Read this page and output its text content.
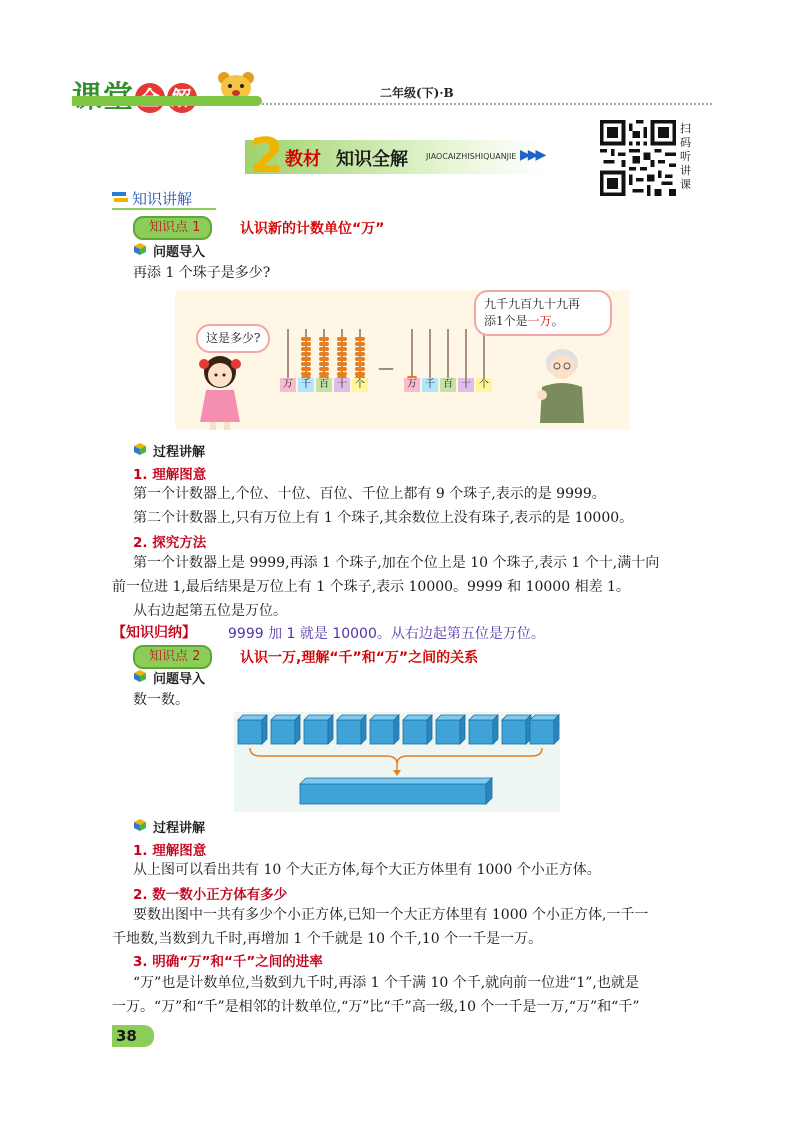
二年级(下)·B
2 教材 知识全解 JIAOCAIZHISHIQUANJIE ▶▶▶
扫
码
听
讲
课
知识讲解
知识点 1	认识新的计数单位“万”
问题导入
再添 1 个珠子是多少?
这是多少?
万 千 百 十 个
—
万 千 百 十 个
九千九百九十九再
添1个是一万。
过程讲解
1. 理解图意
第一个计数器上,个位、十位、百位、千位上都有 9 个珠子,表示的是 9999。
第二个计数器上,只有万位上有 1 个珠子,其余数位上没有珠子,表示的是 10000。
2. 探究方法
第一个计数器上是 9999,再添 1 个珠子,加在个位上是 10 个珠子,表示 1 个十,满十向
前一位进 1,最后结果是万位上有 1 个珠子,表示 10000。9999 和 10000 相差 1。
从右边起第五位是万位。
【知识归纳】 9999 加 1 就是 10000。从右边起第五位是万位。
知识点 2	认识一万,理解“千”和“万”之间的关系
问题导入
数一数。
过程讲解
1. 理解图意
从上图可以看出共有 10 个大正方体,每个大正方体里有 1000 个小正方体。
2. 数一数小正方体有多少
要数出图中一共有多少个小正方体,已知一个大正方体里有 1000 个小正方体,一千一
千地数,当数到九千时,再增加 1 个千就是 10 个千,10 个一千是一万。
3. 明确“万”和“千”之间的进率
“万”也是计数单位,当数到九千时,再添 1 个千满 10 个千,就向前一位进“1”,也就是
一万。“万”和“千”是相邻的计数单位,“万”比“千”高一级,10 个一千是一万,“万”和“千”
38
